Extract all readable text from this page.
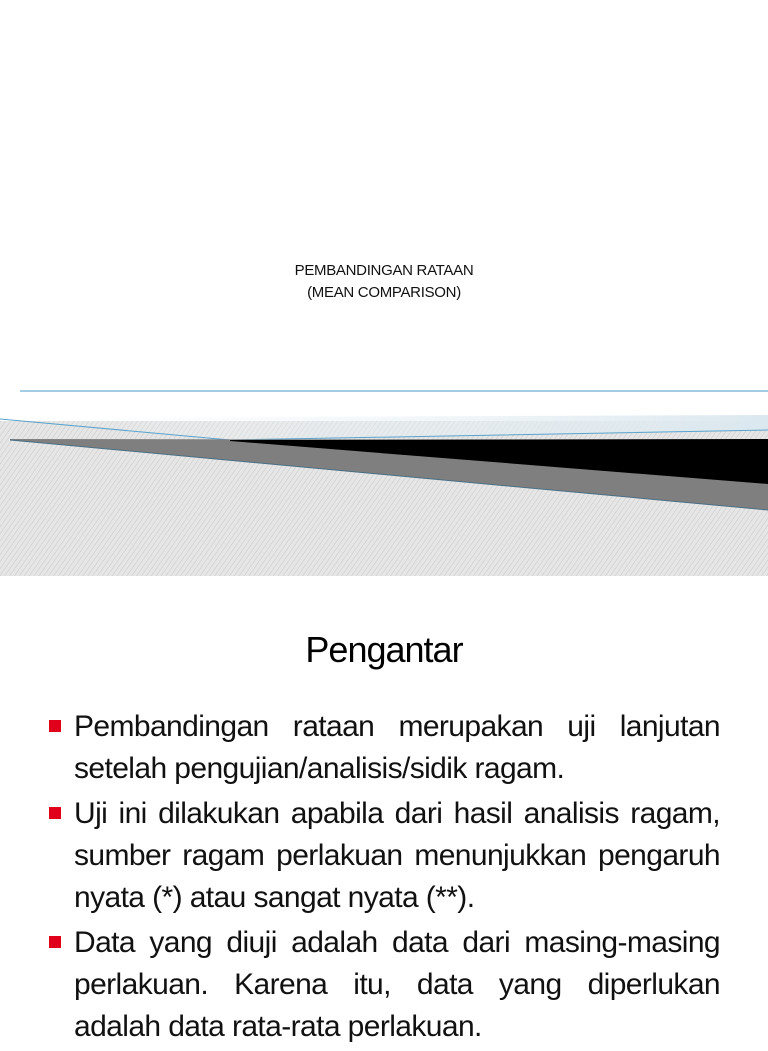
PEMBANDINGAN RATAAN
(MEAN COMPARISON)
Pengantar
Pembandingan rataan merupakan uji lanjutan setelah pengujian/analisis/sidik ragam.
Uji ini dilakukan apabila dari hasil analisis ragam, sumber ragam perlakuan menunjukkan pengaruh nyata (*) atau sangat nyata (**).
Data yang diuji adalah data dari masing-masing perlakuan. Karena itu, data yang diperlukan adalah data rata-rata perlakuan.
